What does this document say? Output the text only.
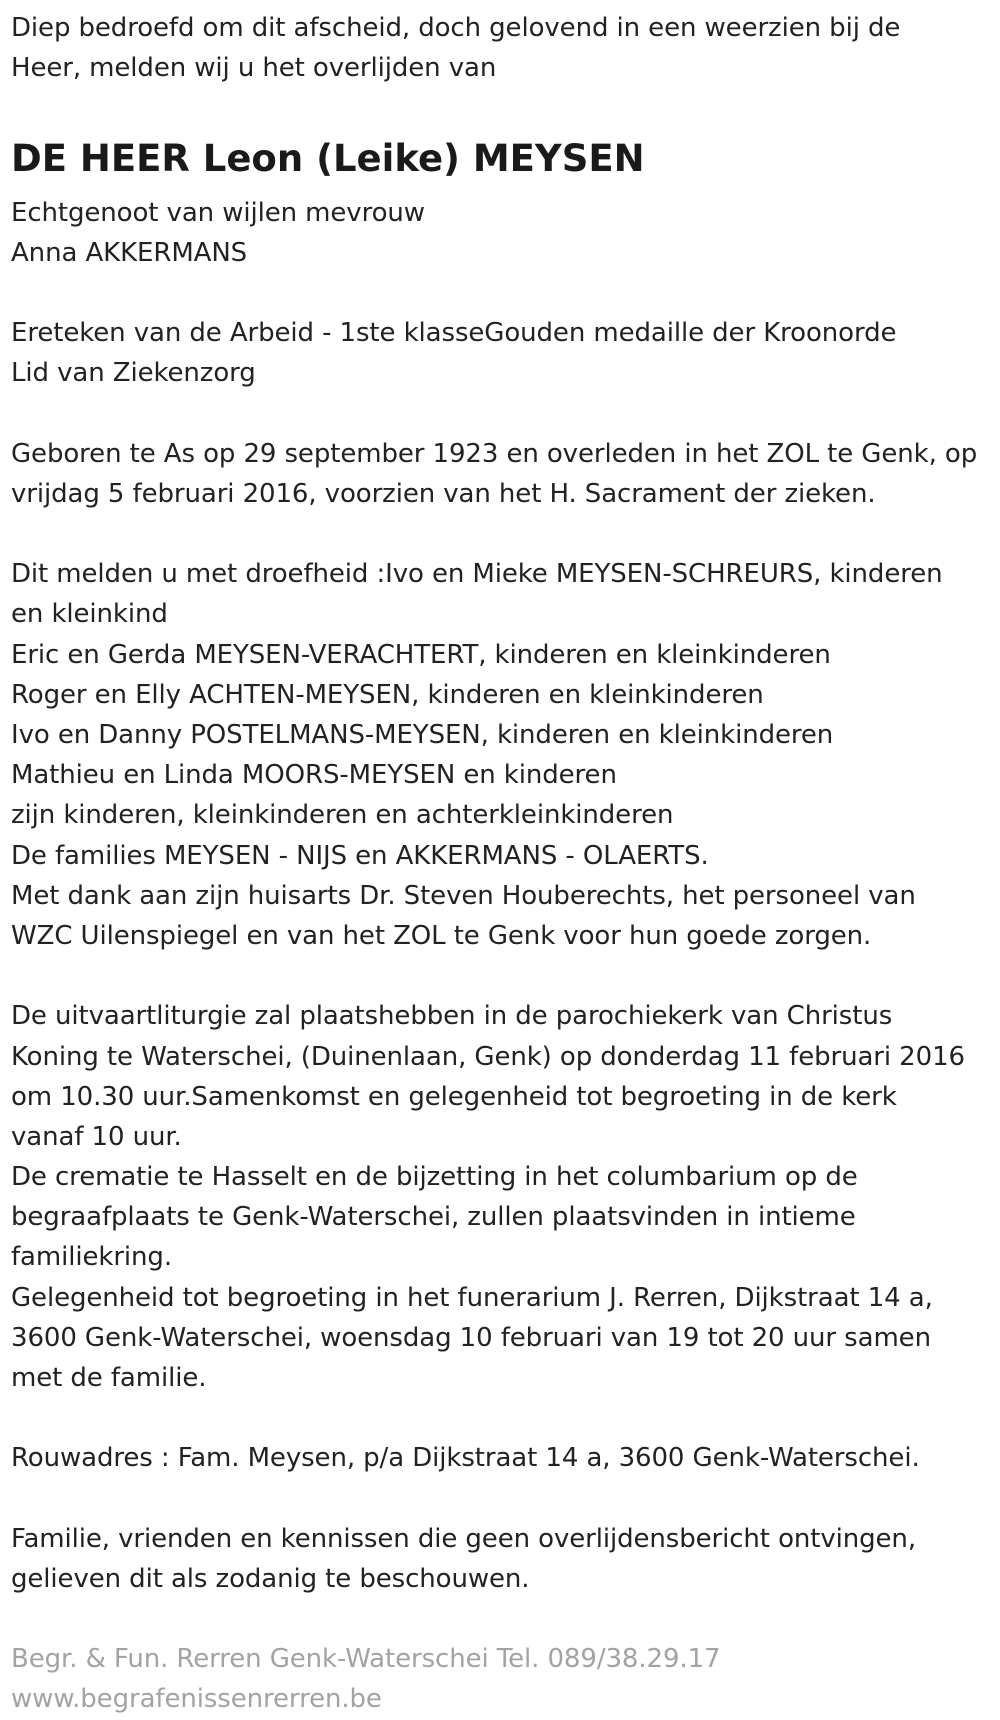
Diep bedroefd om dit afscheid, doch gelovend in een weerzien bij de
Heer, melden wij u het overlijden van
DE HEER Leon (Leike) MEYSEN
Echtgenoot van wijlen mevrouw
Anna AKKERMANS
Ereteken van de Arbeid - 1ste klasseGouden medaille der Kroonorde
Lid van Ziekenzorg
Geboren te As op 29 september 1923 en overleden in het ZOL te Genk, op
vrijdag 5 februari 2016, voorzien van het H. Sacrament der zieken.
Dit melden u met droefheid :Ivo en Mieke MEYSEN-SCHREURS, kinderen
en kleinkind
Eric en Gerda MEYSEN-VERACHTERT, kinderen en kleinkinderen
Roger en Elly ACHTEN-MEYSEN, kinderen en kleinkinderen
Ivo en Danny POSTELMANS-MEYSEN, kinderen en kleinkinderen
Mathieu en Linda MOORS-MEYSEN en kinderen
zijn kinderen, kleinkinderen en achterkleinkinderen
De families MEYSEN - NIJS en AKKERMANS - OLAERTS.
Met dank aan zijn huisarts Dr. Steven Houberechts, het personeel van
WZC Uilenspiegel en van het ZOL te Genk voor hun goede zorgen.
De uitvaartliturgie zal plaatshebben in de parochiekerk van Christus
Koning te Waterschei, (Duinenlaan, Genk) op donderdag 11 februari 2016
om 10.30 uur.Samenkomst en gelegenheid tot begroeting in de kerk
vanaf 10 uur.
De crematie te Hasselt en de bijzetting in het columbarium op de
begraafplaats te Genk-Waterschei, zullen plaatsvinden in intieme
familiekring.
Gelegenheid tot begroeting in het funerarium J. Rerren, Dijkstraat 14 a,
3600 Genk-Waterschei, woensdag 10 februari van 19 tot 20 uur samen
met de familie.
Rouwadres : Fam. Meysen, p/a Dijkstraat 14 a, 3600 Genk-Waterschei.
Familie, vrienden en kennissen die geen overlijdensbericht ontvingen,
gelieven dit als zodanig te beschouwen.
Begr. & Fun. Rerren Genk-Waterschei Tel. 089/38.29.17
www.begrafenissenrerren.be
